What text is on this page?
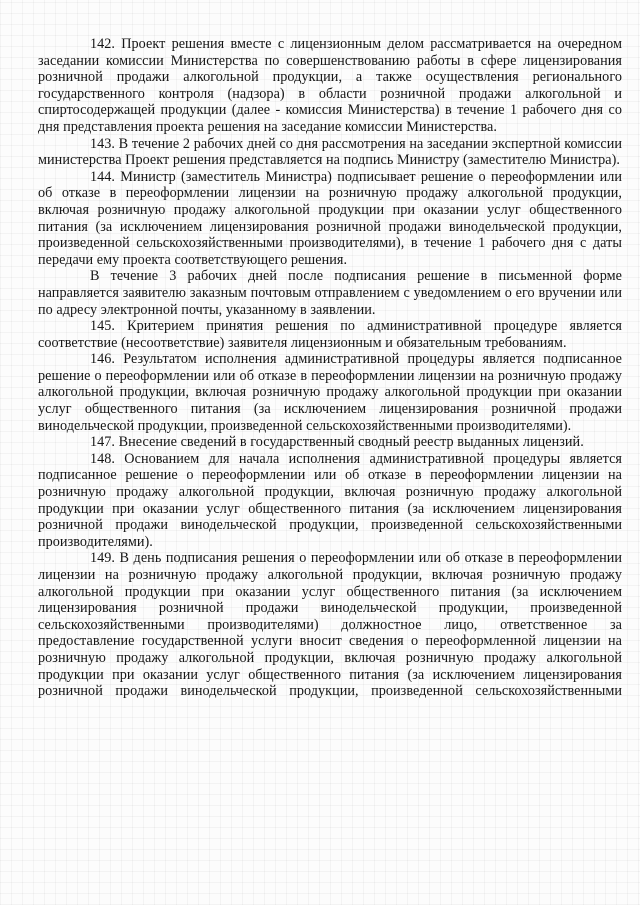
142. Проект решения вместе с лицензионным делом рассматривается на очередном заседании комиссии Министерства по совершенствованию работы в сфере лицензирования розничной продажи алкогольной продукции, а также осуществления регионального государственного контроля (надзора) в области розничной продажи алкогольной и спиртосодержащей продукции (далее - комиссия Министерства) в течение 1 рабочего дня со дня представления проекта решения на заседание комиссии Министерства.

143. В течение 2 рабочих дней со дня рассмотрения на заседании экспертной комиссии министерства Проект решения представляется на подпись Министру (заместителю Министра).

144. Министр (заместитель Министра) подписывает решение о переоформлении или об отказе в переоформлении лицензии на розничную продажу алкогольной продукции, включая розничную продажу алкогольной продукции при оказании услуг общественного питания (за исключением лицензирования розничной продажи винодельческой продукции, произведенной сельскохозяйственными производителями), в течение 1 рабочего дня с даты передачи ему проекта соответствующего решения.

В течение 3 рабочих дней после подписания решение в письменной форме направляется заявителю заказным почтовым отправлением с уведомлением о его вручении или по адресу электронной почты, указанному в заявлении.

145. Критерием принятия решения по административной процедуре является соответствие (несоответствие) заявителя лицензионным и обязательным требованиям.

146. Результатом исполнения административной процедуры является подписанное решение о переоформлении или об отказе в переоформлении лицензии на розничную продажу алкогольной продукции, включая розничную продажу алкогольной продукции при оказании услуг общественного питания (за исключением лицензирования розничной продажи винодельческой продукции, произведенной сельскохозяйственными производителями).

147. Внесение сведений в государственный сводный реестр выданных лицензий.

148. Основанием для начала исполнения административной процедуры является подписанное решение о переоформлении или об отказе в переоформлении лицензии на розничную продажу алкогольной продукции, включая розничную продажу алкогольной продукции при оказании услуг общественного питания (за исключением лицензирования розничной продажи винодельческой продукции, произведенной сельскохозяйственными производителями).

149. В день подписания решения о переоформлении или об отказе в переоформлении лицензии на розничную продажу алкогольной продукции, включая розничную продажу алкогольной продукции при оказании услуг общественного питания (за исключением лицензирования розничной продажи винодельческой продукции, произведенной сельскохозяйственными производителями) должностное лицо, ответственное за предоставление государственной услуги вносит сведения о переоформленной лицензии на розничную продажу алкогольной продукции, включая розничную продажу алкогольной продукции при оказании услуг общественного питания (за исключением лицензирования розничной продажи винодельческой продукции, произведенной сельскохозяйственными
